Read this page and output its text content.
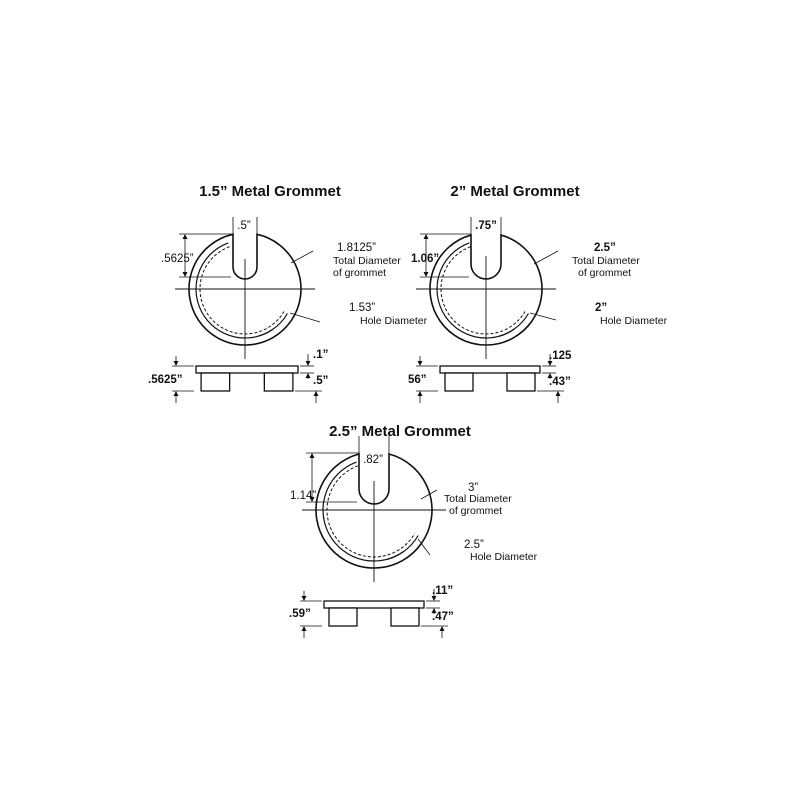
1.5” Metal Grommet
.5”
.5625”
1.8125”
Total Diameter
of grommet
1.53”
Hole Diameter
.5625”
.1”
.5”
2” Metal Grommet
.75”
1.06”
2.5”
Total Diameter
of grommet
2”
Hole Diameter
56”
.125
.43”
2.5” Metal Grommet
.82”
1.14”
3”
Total Diameter
of grommet
2.5”
Hole Diameter
.59”
.11”
.47”
